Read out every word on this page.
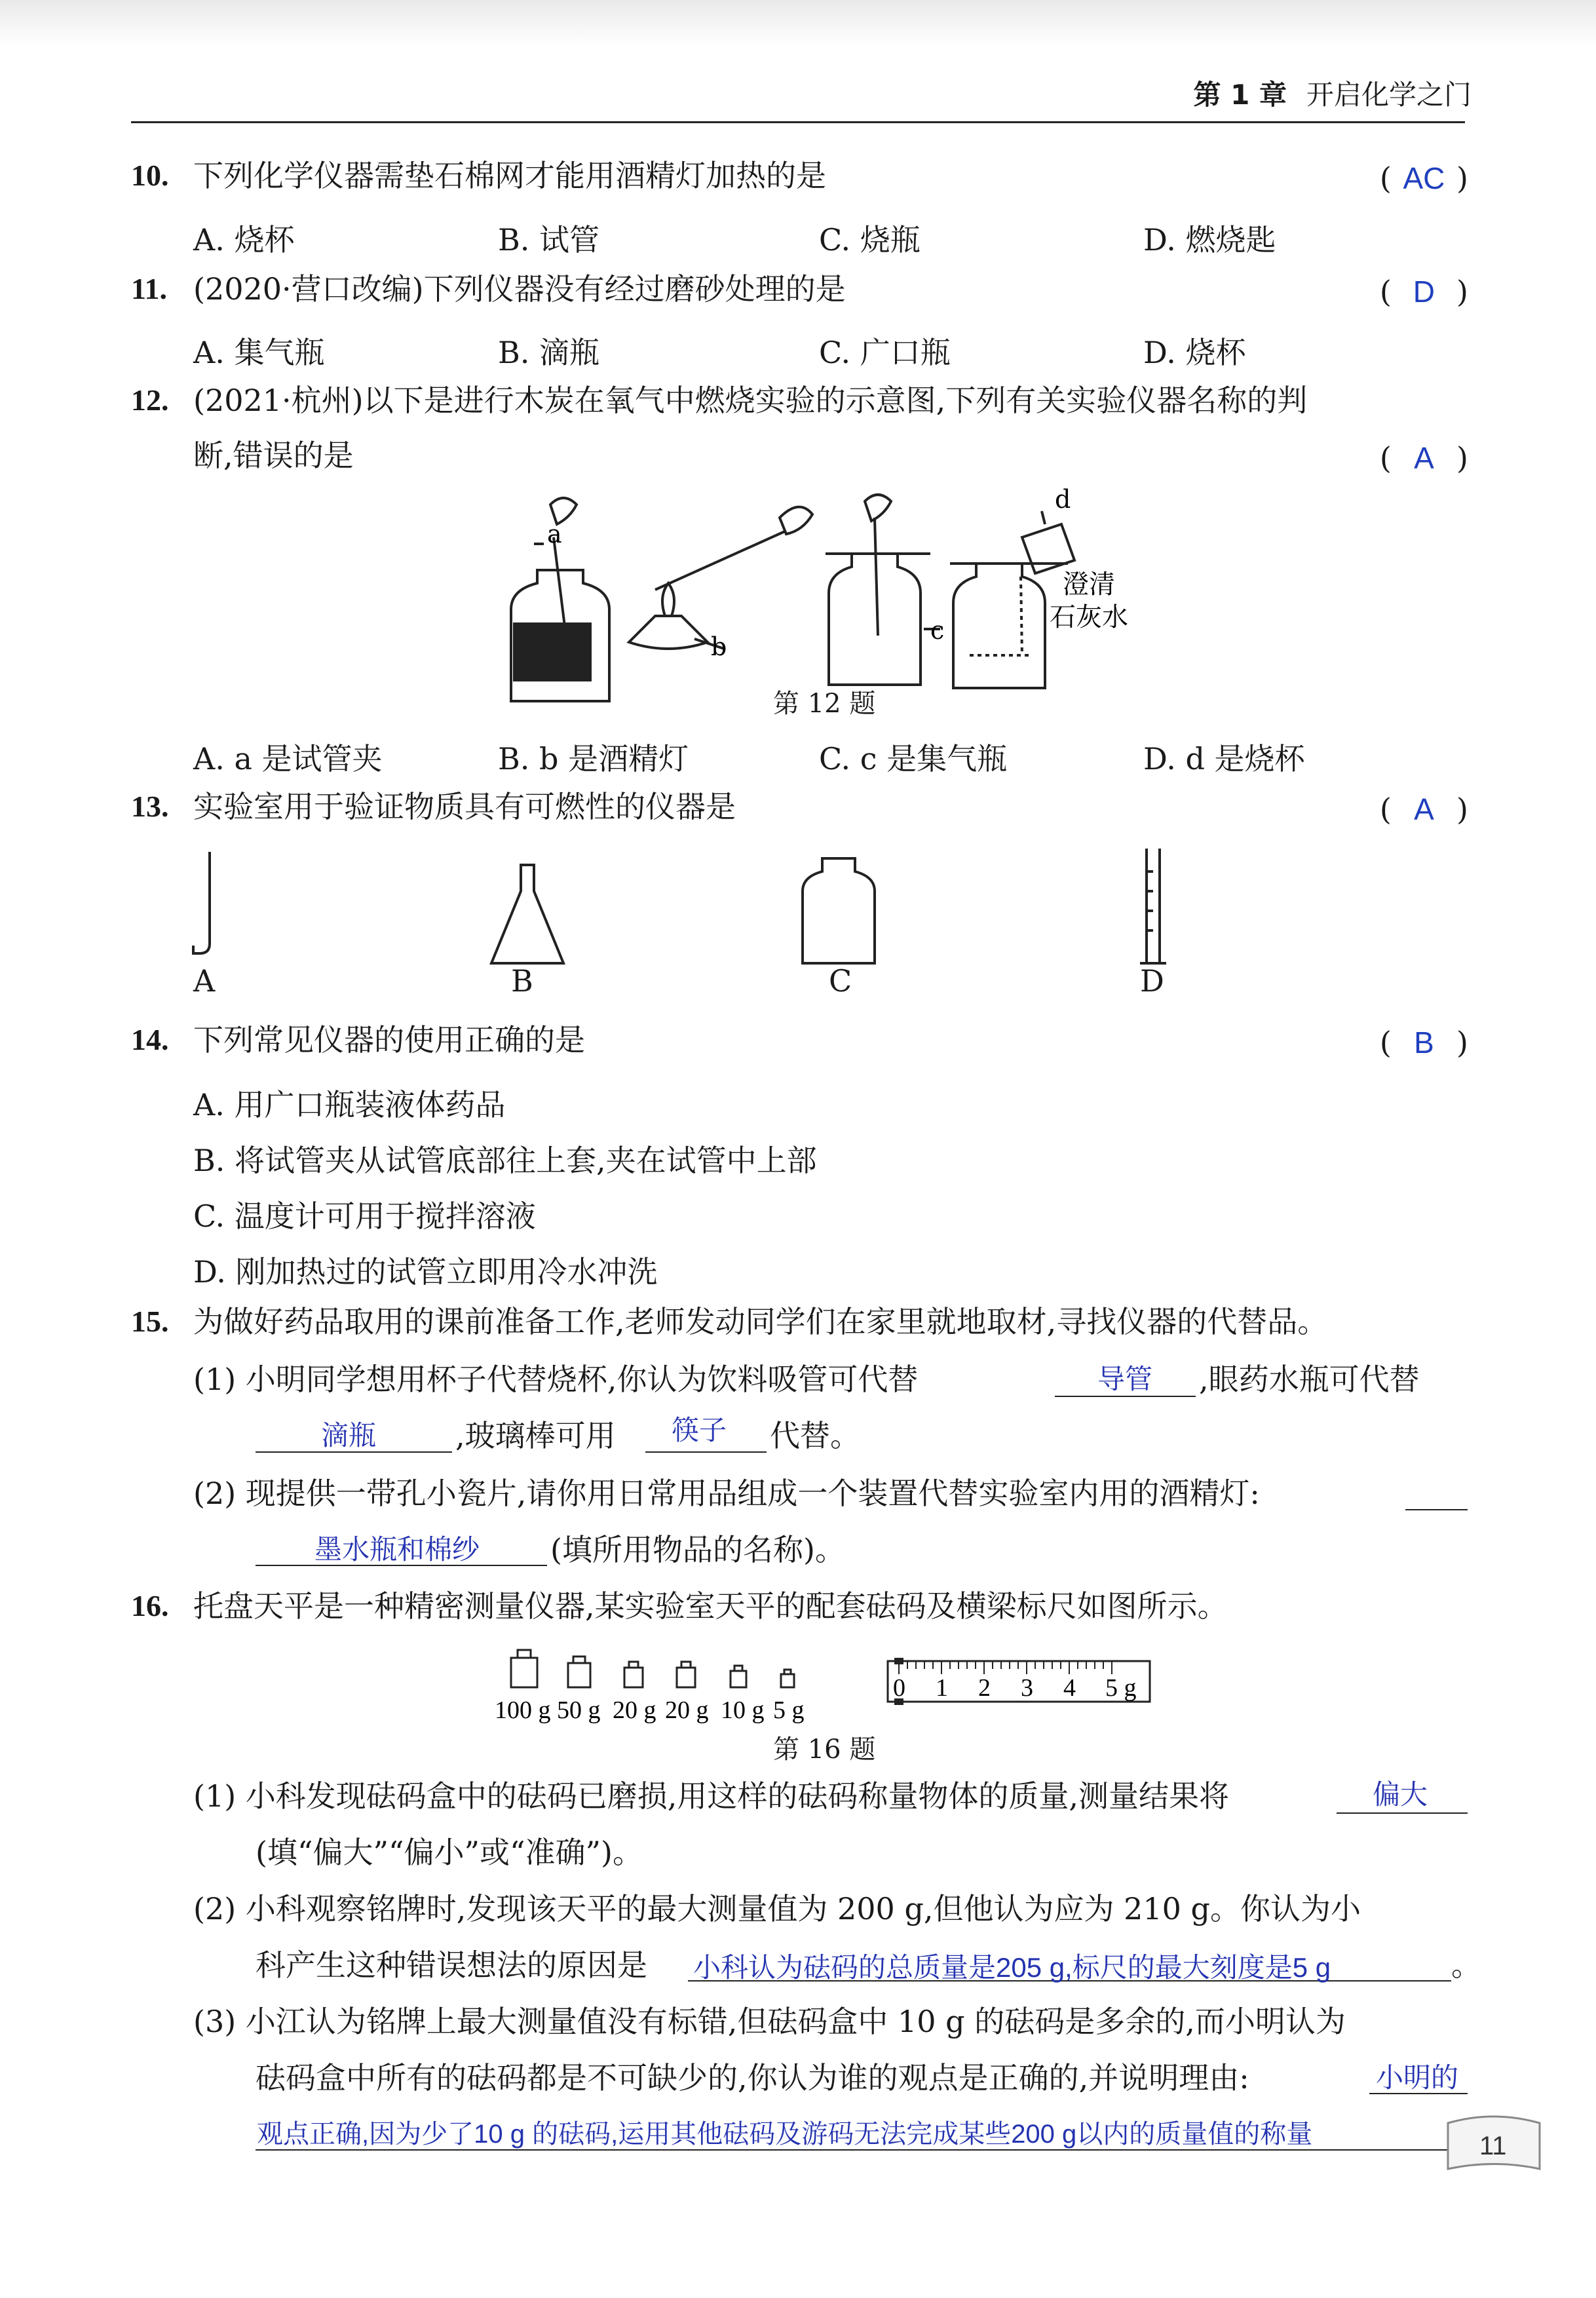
第 1 章 开启化学之门
10. 下列化学仪器需垫石棉网才能用酒精灯加热的是	( AC )
A. 烧杯	B. 试管	C. 烧瓶	D. 燃烧匙
11. (2020·营口改编)下列仪器没有经过磨砂处理的是	( D )
A. 集气瓶	B. 滴瓶	C. 广口瓶	D. 烧杯
12. (2021·杭州)以下是进行木炭在氧气中燃烧实验的示意图,下列有关实验仪器名称的判
断,错误的是	( A )
a
b
c
d
澄清
石灰水
第 12 题
A. a 是试管夹	B. b 是酒精灯	C. c 是集气瓶	D. d 是烧杯
13. 实验室用于验证物质具有可燃性的仪器是	( A )
A	B	C	D
14. 下列常见仪器的使用正确的是	( B )
A. 用广口瓶装液体药品
B. 将试管夹从试管底部往上套,夹在试管中上部
C. 温度计可用于搅拌溶液
D. 刚加热过的试管立即用冷水冲洗
15. 为做好药品取用的课前准备工作,老师发动同学们在家里就地取材,寻找仪器的代替品。
(1) 小明同学想用杯子代替烧杯,你认为饮料吸管可代替	导管 ,眼药水瓶可代替
滴瓶	,玻璃棒可用 筷子 代替。
(2) 现提供一带孔小瓷片,请你用日常用品组成一个装置代替实验室内用的酒精灯:
墨水瓶和棉纱 (填所用物品的名称)。
16. 托盘天平是一种精密测量仪器,某实验室天平的配套砝码及横梁标尺如图所示。
100 g 50 g 20 g 20 g 10 g 5 g
0 1 2 3 4 5 g
第 16 题
(1) 小科发现砝码盒中的砝码已磨损,用这样的砝码称量物体的质量,测量结果将	偏大
(填“偏大”“偏小”或“准确”)。
(2) 小科观察铭牌时,发现该天平的最大测量值为 200 g,但他认为应为 210 g。你认为小
科产生这种错误想法的原因是 小科认为砝码的总质量是205 g,标尺的最大刻度是5 g	。
(3) 小江认为铭牌上最大测量值没有标错,但砝码盒中 10 g 的砝码是多余的,而小明认为
砝码盒中所有的砝码都是不可缺少的,你认为谁的观点是正确的,并说明理由:	小明的
观点正确,因为少了10 g 的砝码,运用其他砝码及游码无法完成某些200 g以内的质量值的称量	11
